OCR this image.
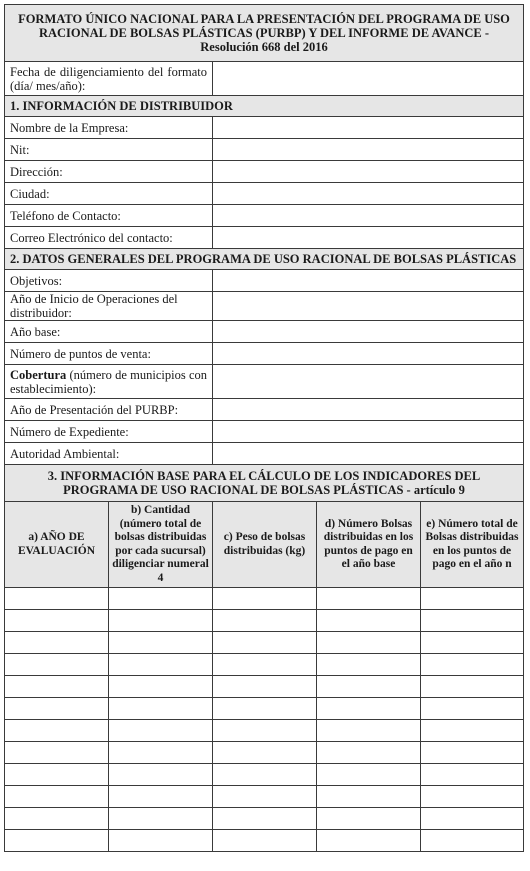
FORMATO ÚNICO NACIONAL PARA LA PRESENTACIÓN DEL PROGRAMA DE USO RACIONAL DE BOLSAS PLÁSTICAS (PURBP) Y DEL INFORME DE AVANCE - Resolución 668 del 2016				
Fecha de diligenciamiento del formato (día/ mes/año):				
1. INFORMACIÓN DE DISTRIBUIDOR				
Nombre de la Empresa:				
Nit:				
Dirección:				
Ciudad:				
Teléfono de Contacto:				
Correo Electrónico del contacto:				
2. DATOS GENERALES DEL PROGRAMA DE USO RACIONAL DE BOLSAS PLÁSTICAS				
Objetivos:				
Año de Inicio de Operaciones del distribuidor:				
Año base:				
Número de puntos de venta:				
Cobertura (número de municipios con establecimiento):				
Año de Presentación del PURBP:				
Número de Expediente:				
Autoridad Ambiental:				
3. INFORMACIÓN BASE PARA EL CÁLCULO DE LOS INDICADORES DEL PROGRAMA DE USO RACIONAL DE BOLSAS PLÁSTICAS - artículo 9				
a) AÑO DE EVALUACIÓN	b) Cantidad (número total de bolsas distribuidas por cada sucursal) diligenciar numeral 4	c) Peso de bolsas distribuidas (kg)	d) Número Bolsas distribuidas en los puntos de pago en el año base	e) Número total de Bolsas distribuidas en los puntos de pago en el año n
